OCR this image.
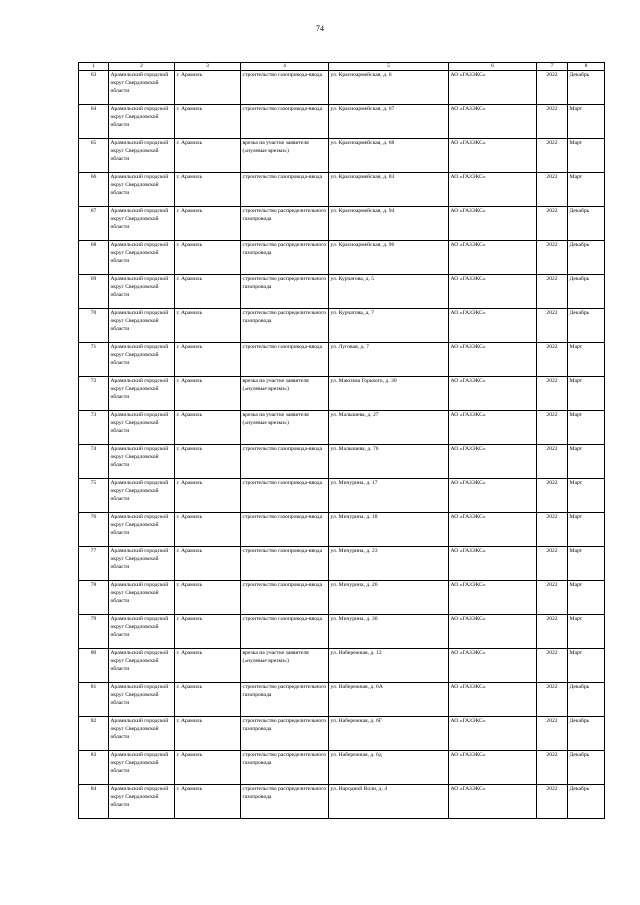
74
1	2	3	4	5	6	7	8
63	Арамильский городской округ Свердловской области	г. Арамиль	строительство газопровода-ввода	ул. Красноармейская, д. 6	АО «ГАЗЭКС»	2022	Декабрь
64	Арамильский городской округ Свердловской области	г. Арамиль	строительство газопровода-ввода	ул. Красноармейская, д. 67	АО «ГАЗЭКС»	2022	Март
65	Арамильский городской округ Свердловской области	г. Арамиль	врезка на участке заявителя («нулевые врезки»)	ул. Красноармейская, д. 68	АО «ГАЗЭКС»	2022	Март
66	Арамильский городской округ Свердловской области	г. Арамиль	строительство газопровода-ввода	ул. Красноармейская, д. 83	АО «ГАЗЭКС»	2022	Март
67	Арамильский городской округ Свердловской области	г. Арамиль	строительство распределительного газопровода	ул. Красноармейская, д. 94	АО «ГАЗЭКС»	2022	Декабрь
68	Арамильский городской округ Свердловской области	г. Арамиль	строительство распределительного газопровода	ул. Красноармейская, д. 96	АО «ГАЗЭКС»	2022	Декабрь
69	Арамильский городской округ Свердловской области	г. Арамиль	строительство распределительного газопровода	ул. Курчатова, д. 5	АО «ГАЗЭКС»	2022	Декабрь
70	Арамильский городской округ Свердловской области	г. Арамиль	строительство распределительного газопровода	ул. Курчатова, д. 7	АО «ГАЗЭКС»	2022	Декабрь
71	Арамильский городской округ Свердловской области	г. Арамиль	строительство газопровода-ввода	ул. Луговая, д. 7	АО «ГАЗЭКС»	2022	Март
72	Арамильский городской округ Свердловской области	г. Арамиль	врезка на участке заявителя («нулевые врезки»)	ул. Максима Горького, д. 30	АО «ГАЗЭКС»	2022	Март
73	Арамильский городской округ Свердловской области	г. Арамиль	врезка на участке заявителя («нулевые врезки»)	ул. Малышева, д. 27	АО «ГАЗЭКС»	2022	Март
74	Арамильский городской округ Свердловской области	г. Арамиль	строительство газопровода-ввода	ул. Малышева, д. 76	АО «ГАЗЭКС»	2022	Март
75	Арамильский городской округ Свердловской области	г. Арамиль	строительство газопровода-ввода	ул. Мичурина, д. 17	АО «ГАЗЭКС»	2022	Март
76	Арамильский городской округ Свердловской области	г. Арамиль	строительство газопровода-ввода	ул. Мичурина, д. 18	АО «ГАЗЭКС»	2022	Март
77	Арамильский городской округ Свердловской области	г. Арамиль	строительство газопровода-ввода	ул. Мичурина, д. 23	АО «ГАЗЭКС»	2022	Март
78	Арамильский городской округ Свердловской области	г. Арамиль	строительство газопровода-ввода	ул. Мичурина, д. 26	АО «ГАЗЭКС»	2022	Март
79	Арамильский городской округ Свердловской области	г. Арамиль	строительство газопровода-ввода	ул. Мичурина, д. 30	АО «ГАЗЭКС»	2022	Март
80	Арамильский городской округ Свердловской области	г. Арамиль	врезка на участке заявителя («нулевые врезки»)	ул. Набережная, д. 12	АО «ГАЗЭКС»	2022	Март
81	Арамильский городской округ Свердловской области	г. Арамиль	строительство распределительного газопровода	ул. Набережная, д. 6А	АО «ГАЗЭКС»	2022	Декабрь
82	Арамильский городской округ Свердловской области	г. Арамиль	строительство распределительного газопровода	ул. Набережная, д. 6Г	АО «ГАЗЭКС»	2022	Декабрь
83	Арамильский городской округ Свердловской области	г. Арамиль	строительство распределительного газопровода	ул. Набережная, д. 6д	АО «ГАЗЭКС»	2022	Декабрь
84	Арамильский городской округ Свердловской области	г. Арамиль	строительство распределительного газопровода	ул. Народной Воли, д. 4	АО «ГАЗЭКС»	2022	Декабрь
